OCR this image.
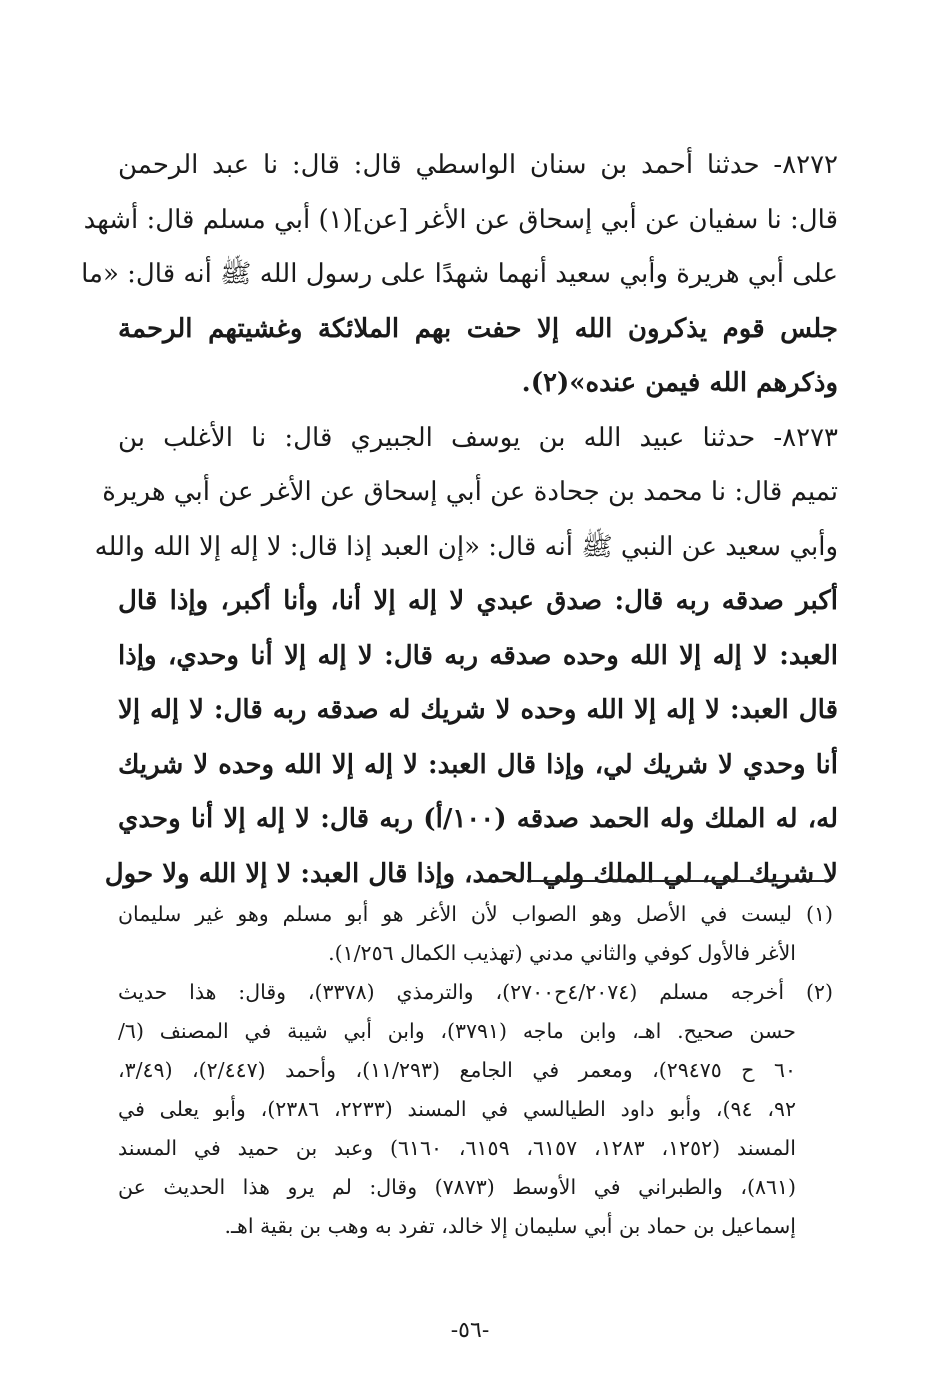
٨٢٧٢- حدثنا أحمد بن سنان الواسطي قال: قال: نا عبد الرحمن
قال: نا سفيان عن أبي إسحاق عن الأغر [عن](١) أبي مسلم قال: أشهد
على أبي هريرة وأبي سعيد أنهما شهدًا على رسول الله ﷺ أنه قال: «ما
جلس قوم يذكرون الله إلا حفت بهم الملائكة وغشيتهم الرحمة
وذكرهم الله فيمن عنده»(٢).
٨٢٧٣- حدثنا عبيد الله بن يوسف الجبيري قال: نا الأغلب بن
تميم قال: نا محمد بن جحادة عن أبي إسحاق عن الأغر عن أبي هريرة
وأبي سعيد عن النبي ﷺ أنه قال: «إن العبد إذا قال: لا إله إلا الله والله
أكبر صدقه ربه قال: صدق عبدي لا إله إلا أنا، وأنا أكبر، وإذا قال
العبد: لا إله إلا الله وحده صدقه ربه قال: لا إله إلا أنا وحدي، وإذا
قال العبد: لا إله إلا الله وحده لا شريك له صدقه ربه قال: لا إله إلا
أنا وحدي لا شريك لي، وإذا قال العبد: لا إله إلا الله وحده لا شريك
له، له الملك وله الحمد صدقه (١٠٠/أ) ربه قال: لا إله إلا أنا وحدي
لا شريك لي، لي الملك ولي الحمد، وإذا قال العبد: لا إلا الله ولا حول
(١) ليست في الأصل وهو الصواب لأن الأغر هو أبو مسلم وهو غير سليمان
الأغر فالأول كوفي والثاني مدني (تهذيب الكمال ١/٢٥٦).
(٢) أخرجه مسلم (٤/٢٠٧٤ح٢٧٠٠)، والترمذي (٣٣٧٨)، وقال: هذا حديث
حسن صحيح. اهـ، وابن ماجه (٣٧٩١)، وابن أبي شيبة في المصنف (٦/
٦٠ ح ٢٩٤٧٥)، ومعمر في الجامع (١١/٢٩٣)، وأحمد (٢/٤٤٧)، (٣/٤٩،
٩٢، ٩٤)، وأبو داود الطيالسي في المسند (٢٢٣٣، ٢٣٨٦)، وأبو يعلى في
المسند (١٢٥٢، ١٢٨٣، ٦١٥٧، ٦١٥٩، ٦١٦٠) وعبد بن حميد في المسند
(٨٦١)، والطبراني في الأوسط (٧٨٧٣) وقال: لم يرو هذا الحديث عن
إسماعيل بن حماد بن أبي سليمان إلا خالد، تفرد به وهب بن بقية اهـ.
-٥٦-
